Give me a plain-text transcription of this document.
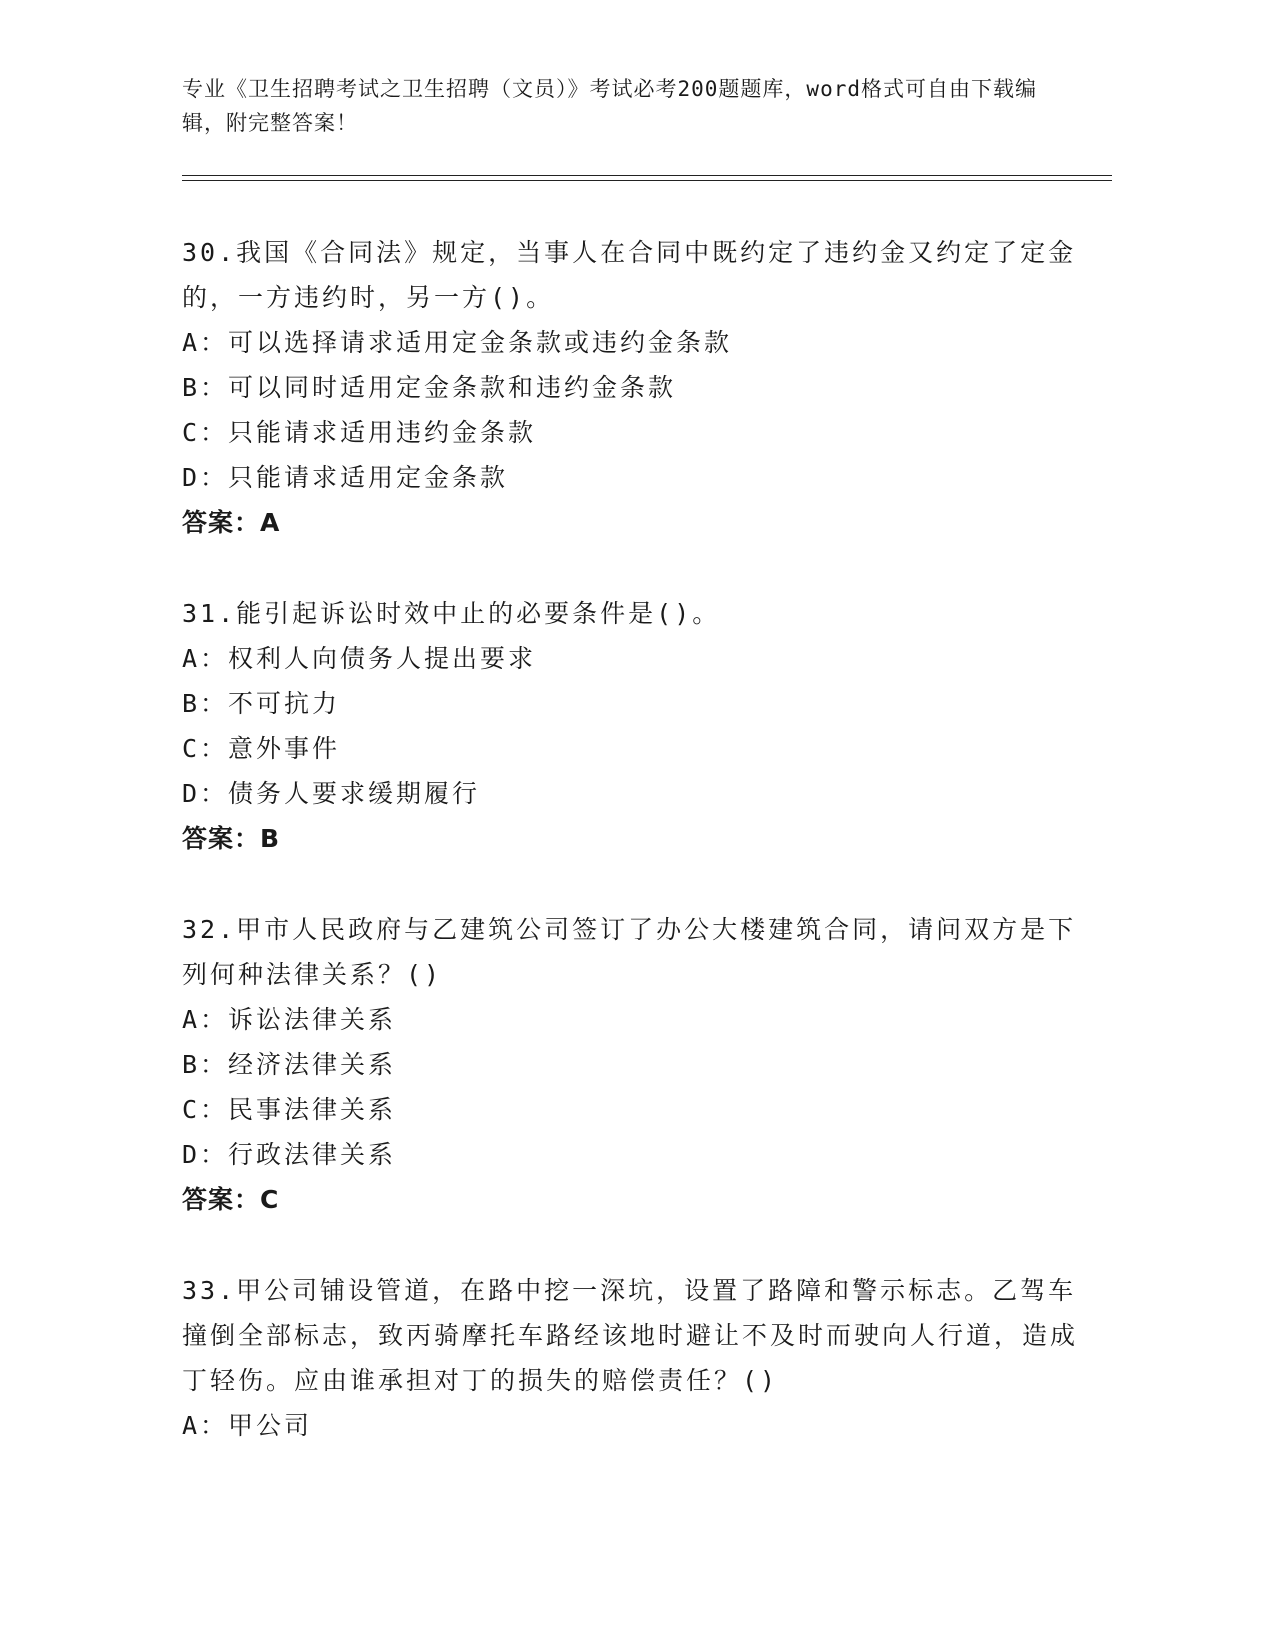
专业《卫生招聘考试之卫生招聘（文员）》考试必考200题题库，word格式可自由下载编辑，附完整答案！
30.我国《合同法》规定，当事人在合同中既约定了违约金又约定了定金的，一方违约时，另一方()。
A：可以选择请求适用定金条款或违约金条款
B：可以同时适用定金条款和违约金条款
C：只能请求适用违约金条款
D：只能请求适用定金条款
答案：A
31.能引起诉讼时效中止的必要条件是()。
A：权利人向债务人提出要求
B：不可抗力
C：意外事件
D：债务人要求缓期履行
答案：B
32.甲市人民政府与乙建筑公司签订了办公大楼建筑合同，请问双方是下列何种法律关系？()
A：诉讼法律关系
B：经济法律关系
C：民事法律关系
D：行政法律关系
答案：C
33.甲公司铺设管道，在路中挖一深坑，设置了路障和警示标志。乙驾车撞倒全部标志，致丙骑摩托车路经该地时避让不及时而驶向人行道，造成丁轻伤。应由谁承担对丁的损失的赔偿责任？()
A：甲公司
